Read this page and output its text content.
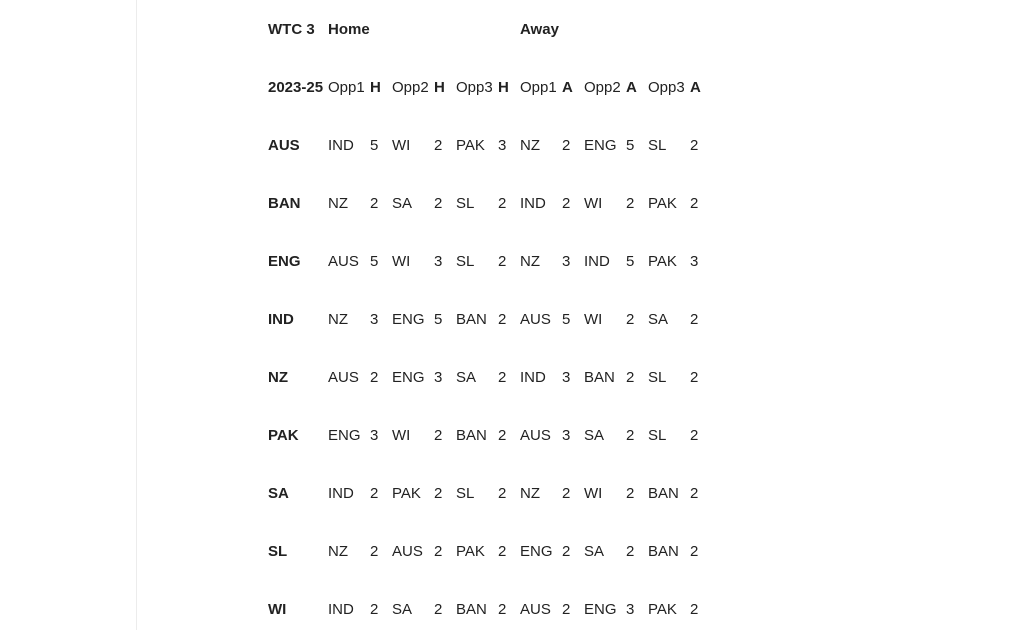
WTC 3	Home						Away					
2023-25	Opp1	H	Opp2	H	Opp3	H	Opp1	A	Opp2	A	Opp3	A
AUS	IND	5	WI	2	PAK	3	NZ	2	ENG	5	SL	2
BAN	NZ	2	SA	2	SL	2	IND	2	WI	2	PAK	2
ENG	AUS	5	WI	3	SL	2	NZ	3	IND	5	PAK	3
IND	NZ	3	ENG	5	BAN	2	AUS	5	WI	2	SA	2
NZ	AUS	2	ENG	3	SA	2	IND	3	BAN	2	SL	2
PAK	ENG	3	WI	2	BAN	2	AUS	3	SA	2	SL	2
SA	IND	2	PAK	2	SL	2	NZ	2	WI	2	BAN	2
SL	NZ	2	AUS	2	PAK	2	ENG	2	SA	2	BAN	2
WI	IND	2	SA	2	BAN	2	AUS	2	ENG	3	PAK	2
